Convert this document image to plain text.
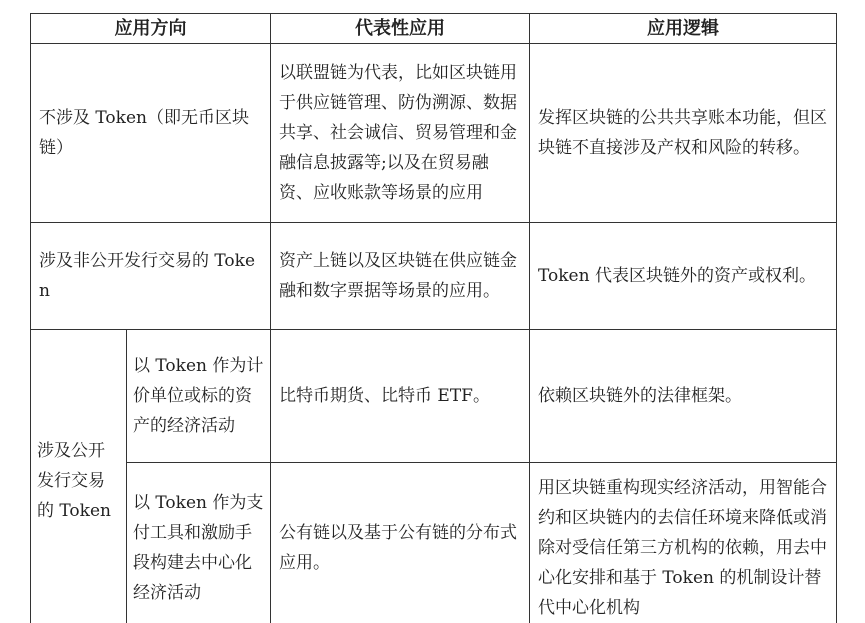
应用方向		代表性应用	应用逻辑
不涉及 Token（即无币区块链）		以联盟链为代表，比如区块链用于供应链管理、防伪溯源、数据共享、社会诚信、贸易管理和金融信息披露等;以及在贸易融资、应收账款等场景的应用	发挥区块链的公共共享账本功能，但区块链不直接涉及产权和风险的转移。
涉及非公开发行交易的 Token		资产上链以及区块链在供应链金融和数字票据等场景的应用。	Token 代表区块链外的资产或权利。
涉及公开发行交易的 Token	以 Token 作为计价单位或标的资产的经济活动	比特币期货、比特币 ETF。	依赖区块链外的法律框架。
	以 Token 作为支付工具和激励手段构建去中心化经济活动	公有链以及基于公有链的分布式应用。	用区块链重构现实经济活动，用智能合约和区块链内的去信任环境来降低或消除对受信任第三方机构的依赖，用去中心化安排和基于 Token 的机制设计替代中心化机构
